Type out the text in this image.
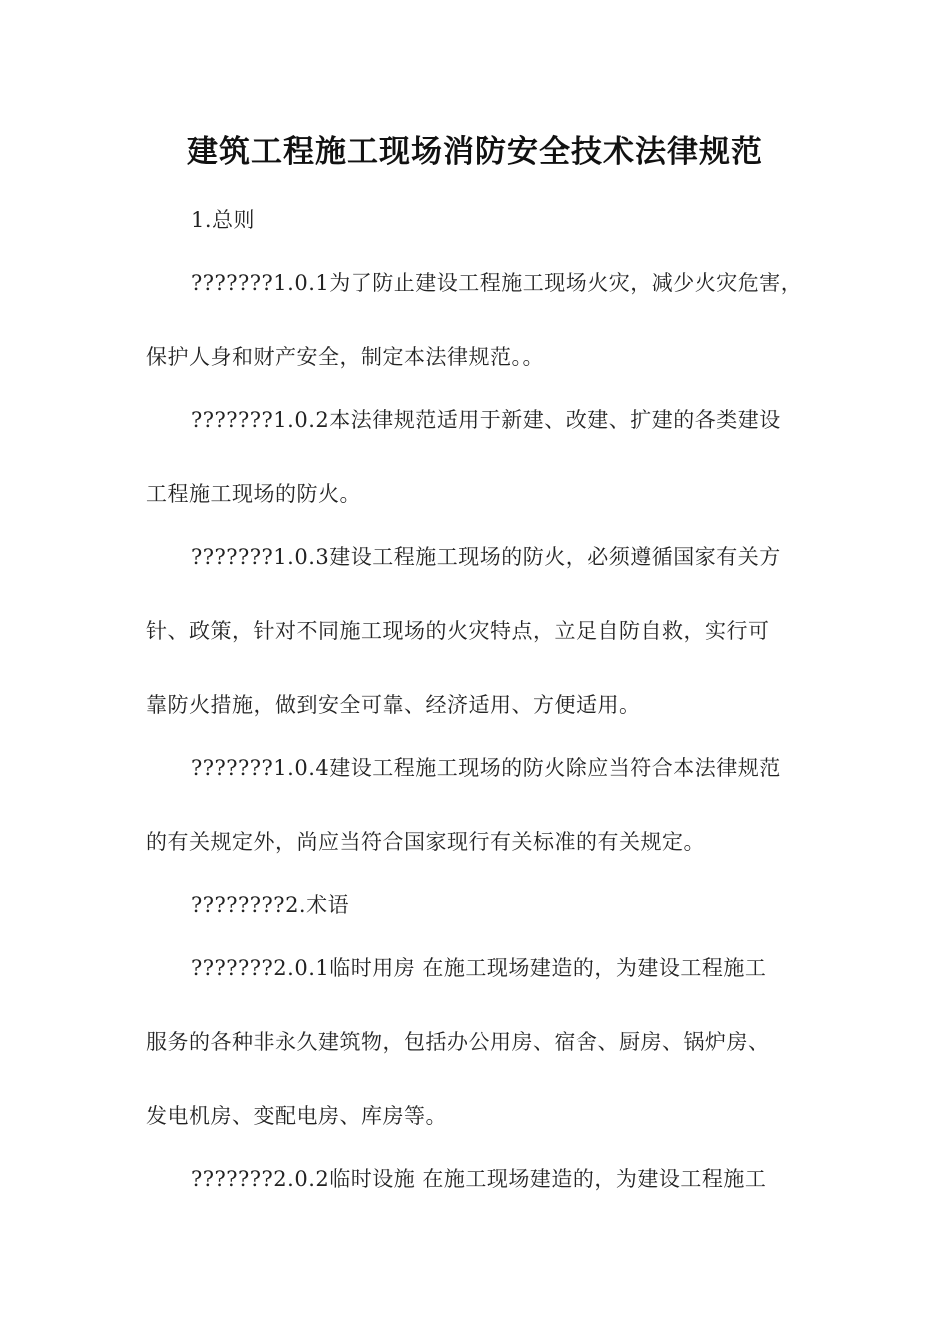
建筑工程施工现场消防安全技术法律规范

1.总则

???????1.0.1为了防止建设工程施工现场火灾，减少火灾危害，

保护人身和财产安全，制定本法律规范。。

???????1.0.2本法律规范适用于新建、改建、扩建的各类建设

工程施工现场的防火。

???????1.0.3建设工程施工现场的防火，必须遵循国家有关方

针、政策，针对不同施工现场的火灾特点，立足自防自救，实行可

靠防火措施，做到安全可靠、经济适用、方便适用。

???????1.0.4建设工程施工现场的防火除应当符合本法律规范

的有关规定外，尚应当符合国家现行有关标准的有关规定。

????????2.术语

???????2.0.1临时用房 在施工现场建造的，为建设工程施工

服务的各种非永久建筑物，包括办公用房、宿舍、厨房、锅炉房、

发电机房、变配电房、库房等。

???????2.0.2临时设施 在施工现场建造的，为建设工程施工
